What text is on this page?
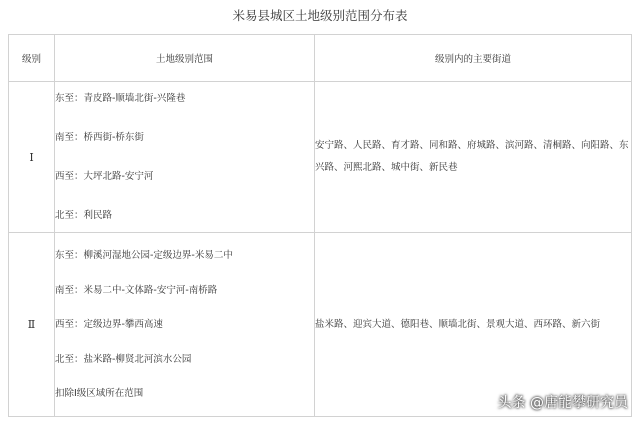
米易县城区土地级别范围分布表
级别	土地级别范围	级别内的主要街道
Ⅰ	东至：青皮路-顺墙北街-兴隆巷
南至：桥西街-桥东街
西至：大坪北路-安宁河
北至：利民路	安宁路、人民路、育才路、同和路、府城路、滨河路、清桐路、向阳路、东兴路、河熙北路、城中街、新民巷
Ⅱ	东至：柳溪河湿地公园-定级边界-米易二中
南至：米易二中-文体路-安宁河-南桥路
西至：定级边界-攀西高速
北至：盐米路-柳贤北河滨水公园
扣除Ⅰ级区域所在范围	盐米路、迎宾大道、德阳巷、顺墙北街、景观大道、西环路、新六街
头条 @唐能攀研究员
